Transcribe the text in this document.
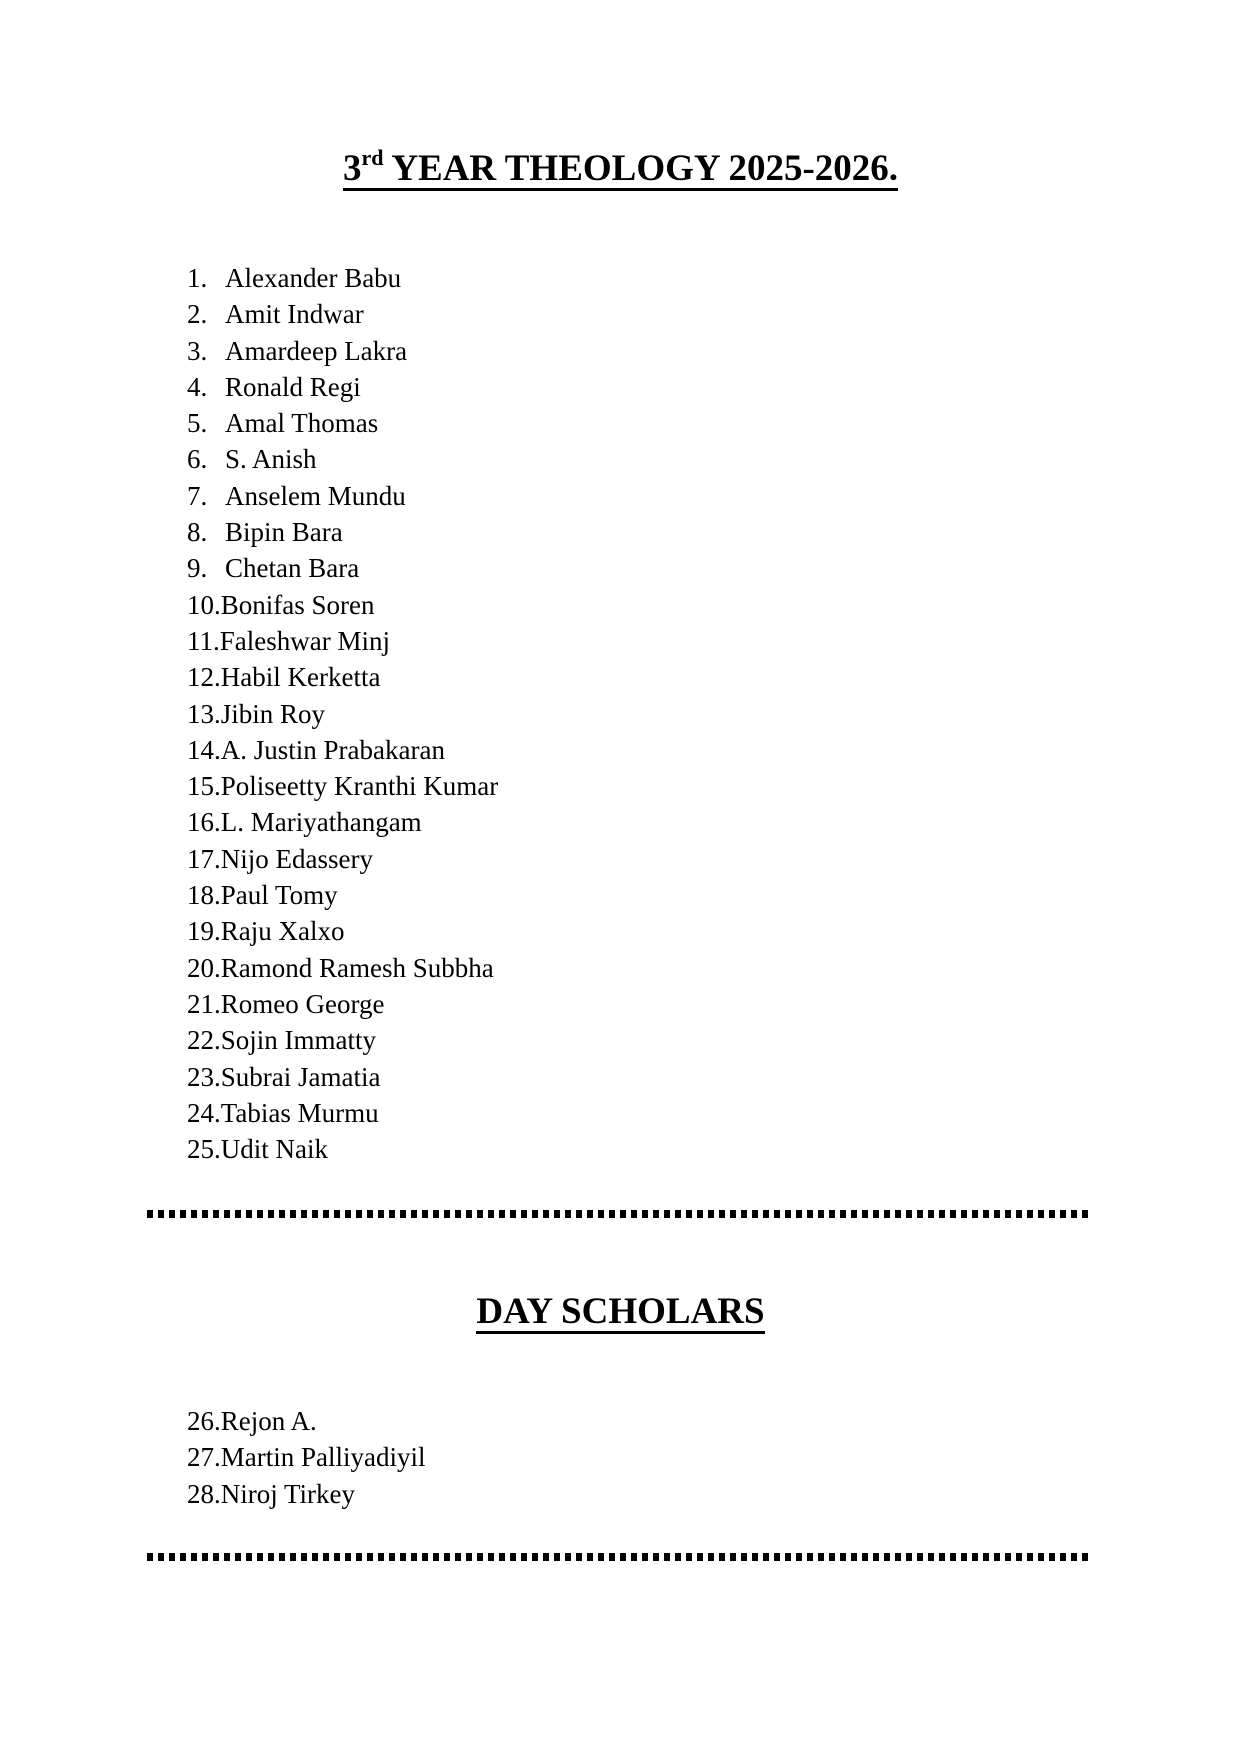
3rd YEAR THEOLOGY 2025-2026.
1. Alexander Babu
2. Amit Indwar
3. Amardeep Lakra
4. Ronald Regi
5. Amal Thomas
6. S. Anish
7. Anselem Mundu
8. Bipin Bara
9. Chetan Bara
10.Bonifas Soren
11.Faleshwar Minj
12.Habil Kerketta
13.Jibin Roy
14.A. Justin Prabakaran
15.Poliseetty Kranthi Kumar
16.L. Mariyathangam
17.Nijo Edassery
18.Paul Tomy
19.Raju Xalxo
20.Ramond Ramesh Subbha
21.Romeo George
22.Sojin Immatty
23.Subrai Jamatia
24.Tabias Murmu
25.Udit Naik
DAY SCHOLARS
26.Rejon A.
27.Martin Palliyadiyil
28.Niroj Tirkey
